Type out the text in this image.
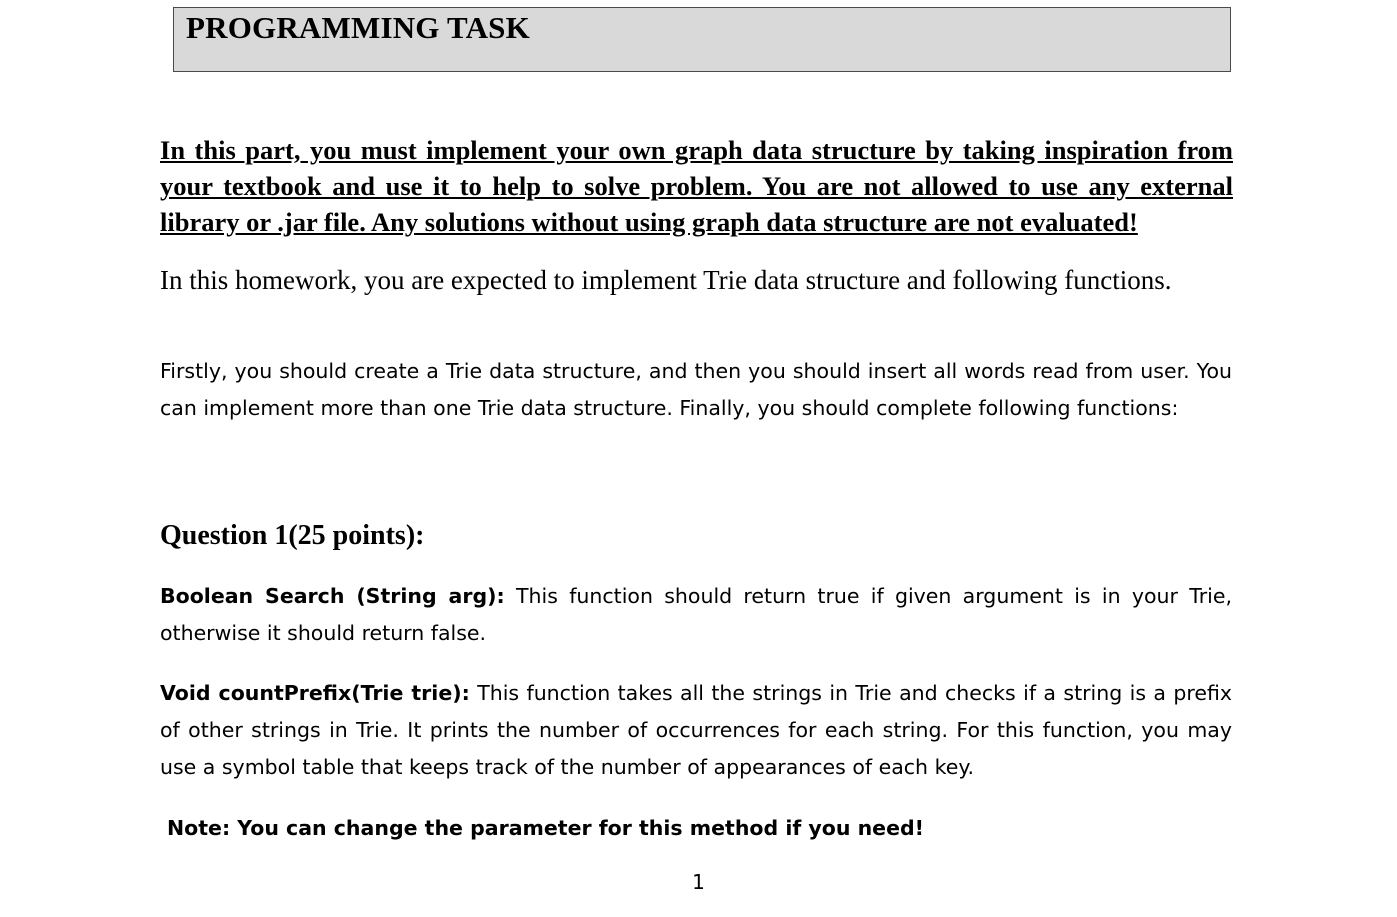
PROGRAMMING TASK

In this part, you must implement your own graph data structure by taking inspiration from your textbook and use it to help to solve problem. You are not allowed to use any external library or .jar file. Any solutions without using graph data structure are not evaluated!

In this homework, you are expected to implement Trie data structure and following functions.

Firstly, you should create a Trie data structure, and then you should insert all words read from user. You can implement more than one Trie data structure. Finally, you should complete following functions:

Question 1(25 points):

Boolean Search (String arg): This function should return true if given argument is in your Trie, otherwise it should return false.

Void countPrefix(Trie trie): This function takes all the strings in Trie and checks if a string is a prefix of other strings in Trie. It prints the number of occurrences for each string. For this function, you may use a symbol table that keeps track of the number of appearances of each key.

Note: You can change the parameter for this method if you need!

1
